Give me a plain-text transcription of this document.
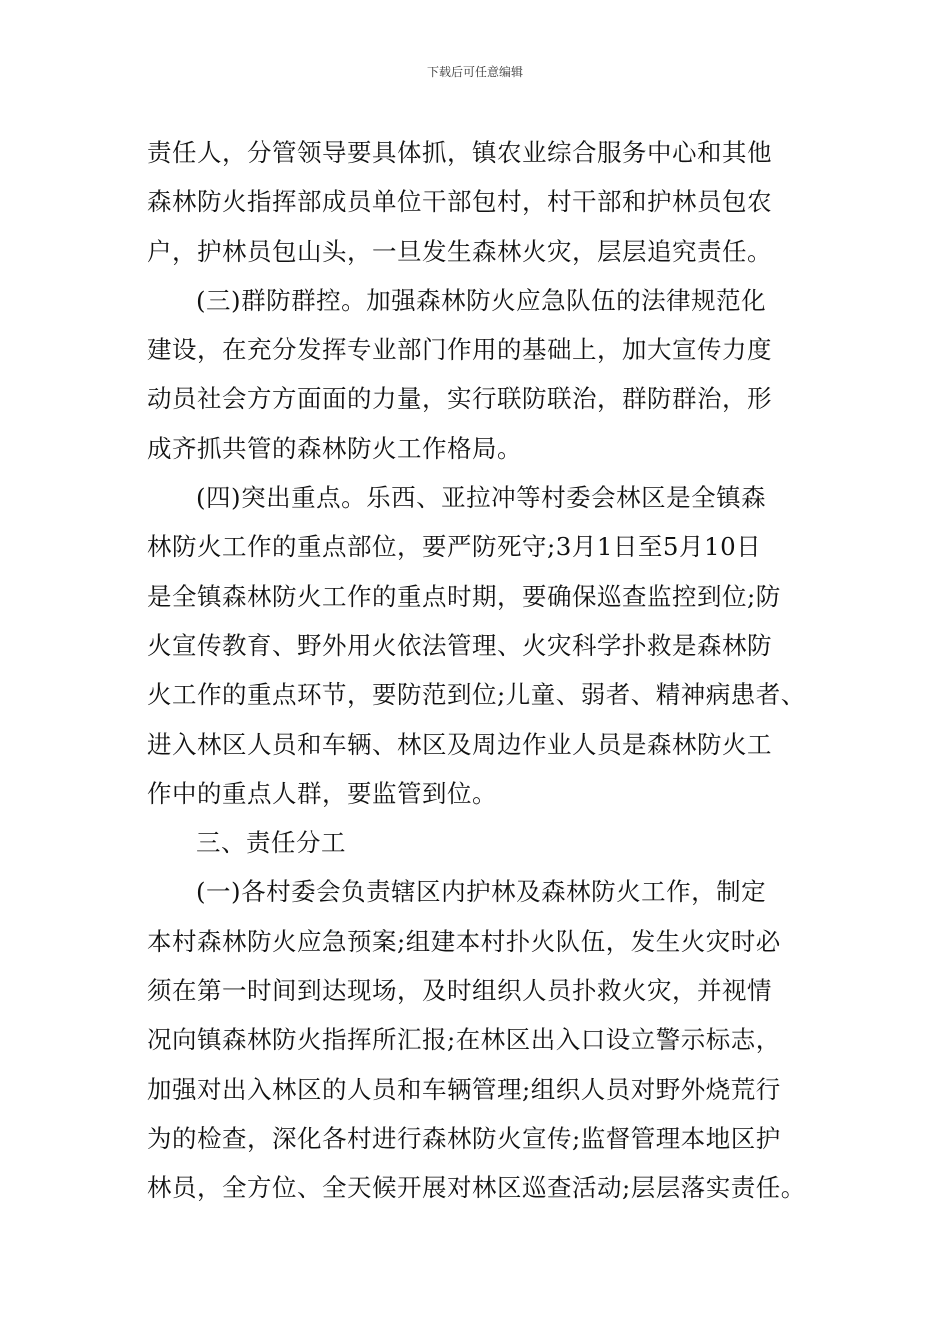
下载后可任意编辑
责任人，分管领导要具体抓，镇农业综合服务中心和其他
森林防火指挥部成员单位干部包村，村干部和护林员包农
户，护林员包山头，一旦发生森林火灾，层层追究责任。
(三)群防群控。加强森林防火应急队伍的法律规范化
建设，在充分发挥专业部门作用的基础上，加大宣传力度
动员社会方方面面的力量，实行联防联治，群防群治，形
成齐抓共管的森林防火工作格局。
(四)突出重点。乐西、亚拉冲等村委会林区是全镇森
林防火工作的重点部位，要严防死守;3月1日至5月10日
是全镇森林防火工作的重点时期，要确保巡查监控到位;防
火宣传教育、野外用火依法管理、火灾科学扑救是森林防
火工作的重点环节，要防范到位;儿童、弱者、精神病患者、
进入林区人员和车辆、林区及周边作业人员是森林防火工
作中的重点人群，要监管到位。
三、责任分工
(一)各村委会负责辖区内护林及森林防火工作，制定
本村森林防火应急预案;组建本村扑火队伍，发生火灾时必
须在第一时间到达现场，及时组织人员扑救火灾，并视情
况向镇森林防火指挥所汇报;在林区出入口设立警示标志，
加强对出入林区的人员和车辆管理;组织人员对野外烧荒行
为的检查，深化各村进行森林防火宣传;监督管理本地区护
林员，全方位、全天候开展对林区巡查活动;层层落实责任。
